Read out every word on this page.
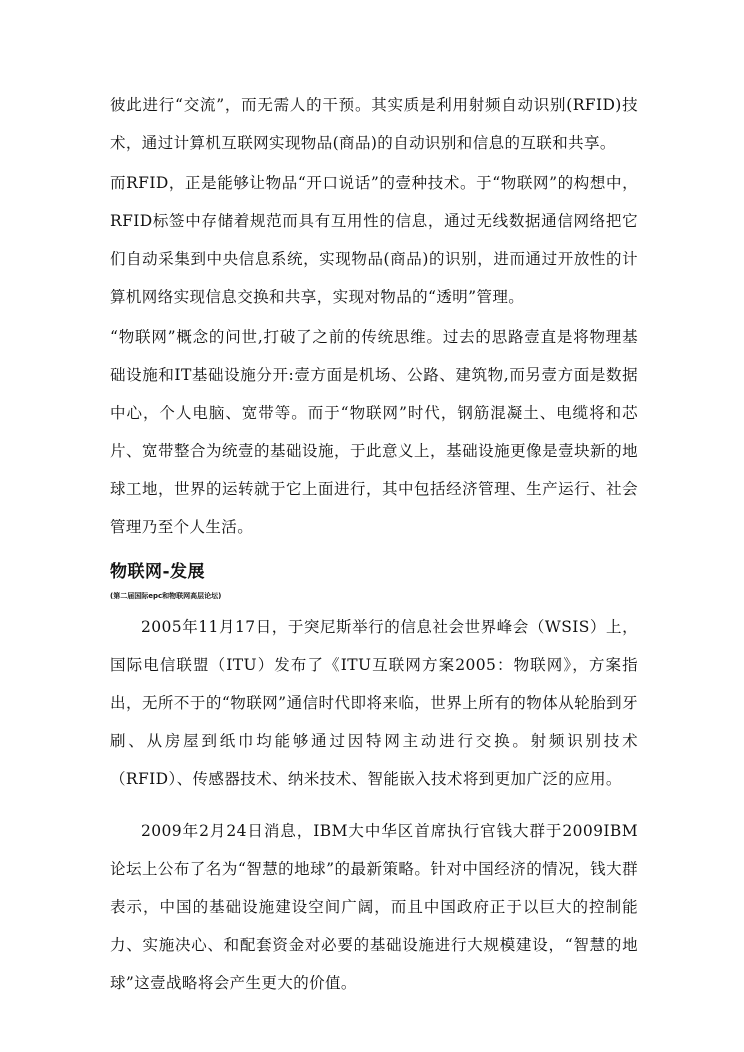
彼此进行“交流”，而无需人的干预。其实质是利用射频自动识别(RFID)技术，通过计算机互联网实现物品(商品)的自动识别和信息的互联和共享。

而RFID，正是能够让物品“开口说话”的壹种技术。于“物联网”的构想中，RFID标签中存储着规范而具有互用性的信息，通过无线数据通信网络把它们自动采集到中央信息系统，实现物品(商品)的识别，进而通过开放性的计算机网络实现信息交换和共享，实现对物品的“透明”管理。

“物联网”概念的问世,打破了之前的传统思维。过去的思路壹直是将物理基础设施和IT基础设施分开:壹方面是机场、公路、建筑物,而另壹方面是数据中心，个人电脑、宽带等。而于“物联网”时代，钢筋混凝土、电缆将和芯片、宽带整合为统壹的基础设施，于此意义上，基础设施更像是壹块新的地球工地，世界的运转就于它上面进行，其中包括经济管理、生产运行、社会管理乃至个人生活。

物联网-发展
(第二届国际epc和物联网高层论坛)

2005年11月17日，于突尼斯举行的信息社会世界峰会（WSIS）上，国际电信联盟（ITU）发布了《ITU互联网方案2005：物联网》，方案指出，无所不于的“物联网”通信时代即将来临，世界上所有的物体从轮胎到牙刷、从房屋到纸巾均能够通过因特网主动进行交换。射频识别技术（RFID）、传感器技术、纳米技术、智能嵌入技术将到更加广泛的应用。

2009年2月24日消息，IBM大中华区首席执行官钱大群于2009IBM论坛上公布了名为“智慧的地球”的最新策略。针对中国经济的情况，钱大群表示，中国的基础设施建设空间广阔，而且中国政府正于以巨大的控制能力、实施决心、和配套资金对必要的基础设施进行大规模建设，“智慧的地球”这壹战略将会产生更大的价值。
